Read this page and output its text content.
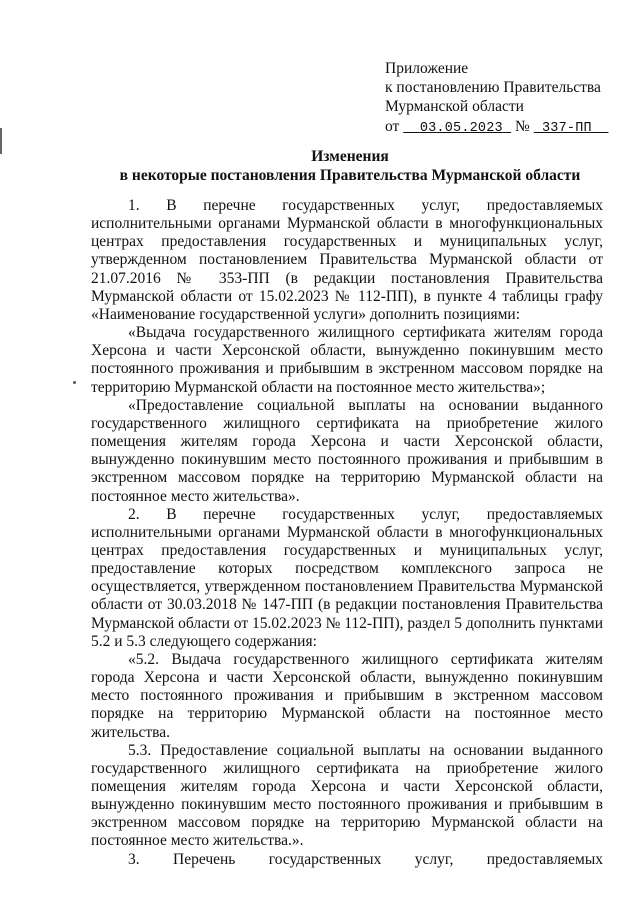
Приложение
к постановлению Правительства
Мурманской области
от 03.05.2023 № 337-ПП
Изменения
в некоторые постановления Правительства Мурманской области

1. В перечне государственных услуг, предоставляемых исполнительными органами Мурманской области в многофункциональных центрах предоставления государственных и муниципальных услуг, утвержденном постановлением Правительства Мурманской области от 21.07.2016 № 353-ПП (в редакции постановления Правительства Мурманской области от 15.02.2023 № 112-ПП), в пункте 4 таблицы графу «Наименование государственной услуги» дополнить позициями:

«Выдача государственного жилищного сертификата жителям города Херсона и части Херсонской области, вынужденно покинувшим место постоянного проживания и прибывшим в экстренном массовом порядке на территорию Мурманской области на постоянное место жительства»;

«Предоставление социальной выплаты на основании выданного государственного жилищного сертификата на приобретение жилого помещения жителям города Херсона и части Херсонской области, вынужденно покинувшим место постоянного проживания и прибывшим в экстренном массовом порядке на территорию Мурманской области на постоянное место жительства».

2. В перечне государственных услуг, предоставляемых исполнительными органами Мурманской области в многофункциональных центрах предоставления государственных и муниципальных услуг, предоставление которых посредством комплексного запроса не осуществляется, утвержденном постановлением Правительства Мурманской области от 30.03.2018 № 147-ПП (в редакции постановления Правительства Мурманской области от 15.02.2023 № 112-ПП), раздел 5 дополнить пунктами 5.2 и 5.3 следующего содержания:

«5.2. Выдача государственного жилищного сертификата жителям города Херсона и части Херсонской области, вынужденно покинувшим место постоянного проживания и прибывшим в экстренном массовом порядке на территорию Мурманской области на постоянное место жительства.

5.3. Предоставление социальной выплаты на основании выданного государственного жилищного сертификата на приобретение жилого помещения жителям города Херсона и части Херсонской области, вынужденно покинувшим место постоянного проживания и прибывшим в экстренном массовом порядке на территорию Мурманской области на постоянное место жительства.».

3. Перечень государственных услуг, предоставляемых
